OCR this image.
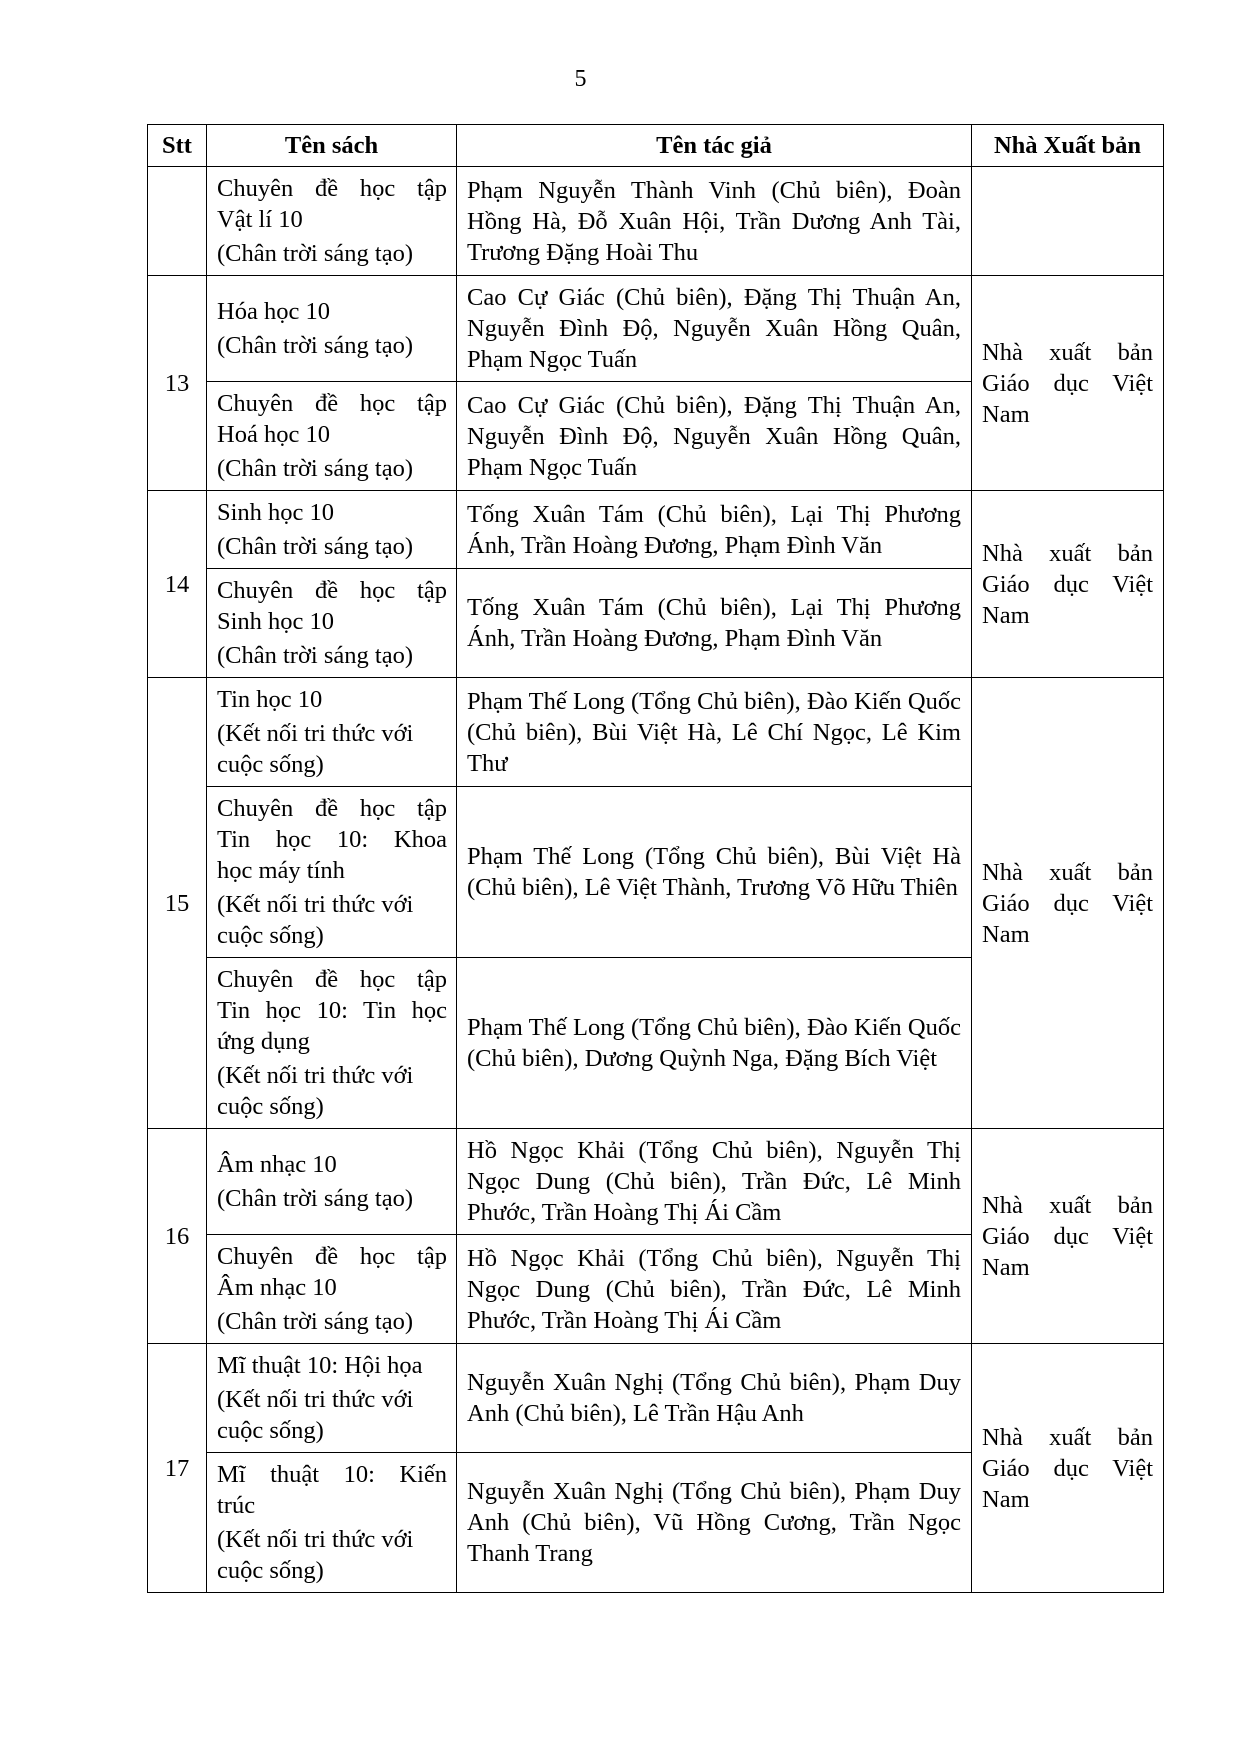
5
Stt	Tên sách	Tên tác giả	Nhà Xuất bản

	Chuyên đề học tập
Vật lí 10
(Chân trời sáng tạo)	Phạm Nguyễn Thành Vinh (Chủ biên), Đoàn Hồng Hà, Đỗ Xuân Hội, Trần Dương Anh Tài, Trương Đặng Hoài Thu	
13	Hóa học 10
(Chân trời sáng tạo)	Cao Cự Giác (Chủ biên), Đặng Thị Thuận An, Nguyễn Đình Độ, Nguyễn Xuân Hồng Quân, Phạm Ngọc Tuấn	Nhà xuất bản
Giáo dục Việt
Nam

	Chuyên đề học tập
Hoá học 10
(Chân trời sáng tạo)	Cao Cự Giác (Chủ biên), Đặng Thị Thuận An, Nguyễn Đình Độ, Nguyễn Xuân Hồng Quân, Phạm Ngọc Tuấn	
14	Sinh học 10
(Chân trời sáng tạo)	Tống Xuân Tám (Chủ biên), Lại Thị Phương Ánh, Trần Hoàng Đương, Phạm Đình Văn	Nhà xuất bản
Giáo dục Việt
Nam

	Chuyên đề học tập
Sinh học 10
(Chân trời sáng tạo)	Tống Xuân Tám (Chủ biên), Lại Thị Phương Ánh, Trần Hoàng Đương, Phạm Đình Văn	
15	Tin học 10
(Kết nối tri thức với cuộc sống)	Phạm Thế Long (Tổng Chủ biên), Đào Kiến Quốc (Chủ biên), Bùi Việt Hà, Lê Chí Ngọc, Lê Kim Thư	Nhà xuất bản
Giáo dục Việt
Nam

	Chuyên đề học tập
Tin học 10: Khoa
học máy tính
(Kết nối tri thức với cuộc sống)	Phạm Thế Long (Tổng Chủ biên), Bùi Việt Hà (Chủ biên), Lê Việt Thành, Trương Võ Hữu Thiên	

	Chuyên đề học tập
Tin học 10: Tin học
ứng dụng
(Kết nối tri thức với cuộc sống)	Phạm Thế Long (Tổng Chủ biên), Đào Kiến Quốc (Chủ biên), Dương Quỳnh Nga, Đặng Bích Việt	
16	Âm nhạc 10
(Chân trời sáng tạo)	Hồ Ngọc Khải (Tổng Chủ biên), Nguyễn Thị Ngọc Dung (Chủ biên), Trần Đức, Lê Minh Phước, Trần Hoàng Thị Ái Cầm	Nhà xuất bản
Giáo dục Việt
Nam

	Chuyên đề học tập
Âm nhạc 10
(Chân trời sáng tạo)	Hồ Ngọc Khải (Tổng Chủ biên), Nguyễn Thị Ngọc Dung (Chủ biên), Trần Đức, Lê Minh Phước, Trần Hoàng Thị Ái Cầm	
17	Mĩ thuật 10: Hội họa
(Kết nối tri thức với cuộc sống)	Nguyễn Xuân Nghị (Tổng Chủ biên), Phạm Duy Anh (Chủ biên), Lê Trần Hậu Anh	Nhà xuất bản
Giáo dục Việt
Nam

	Mĩ thuật 10: Kiến
trúc
(Kết nối tri thức với cuộc sống)	Nguyễn Xuân Nghị (Tổng Chủ biên), Phạm Duy Anh (Chủ biên), Vũ Hồng Cương, Trần Ngọc Thanh Trang	
